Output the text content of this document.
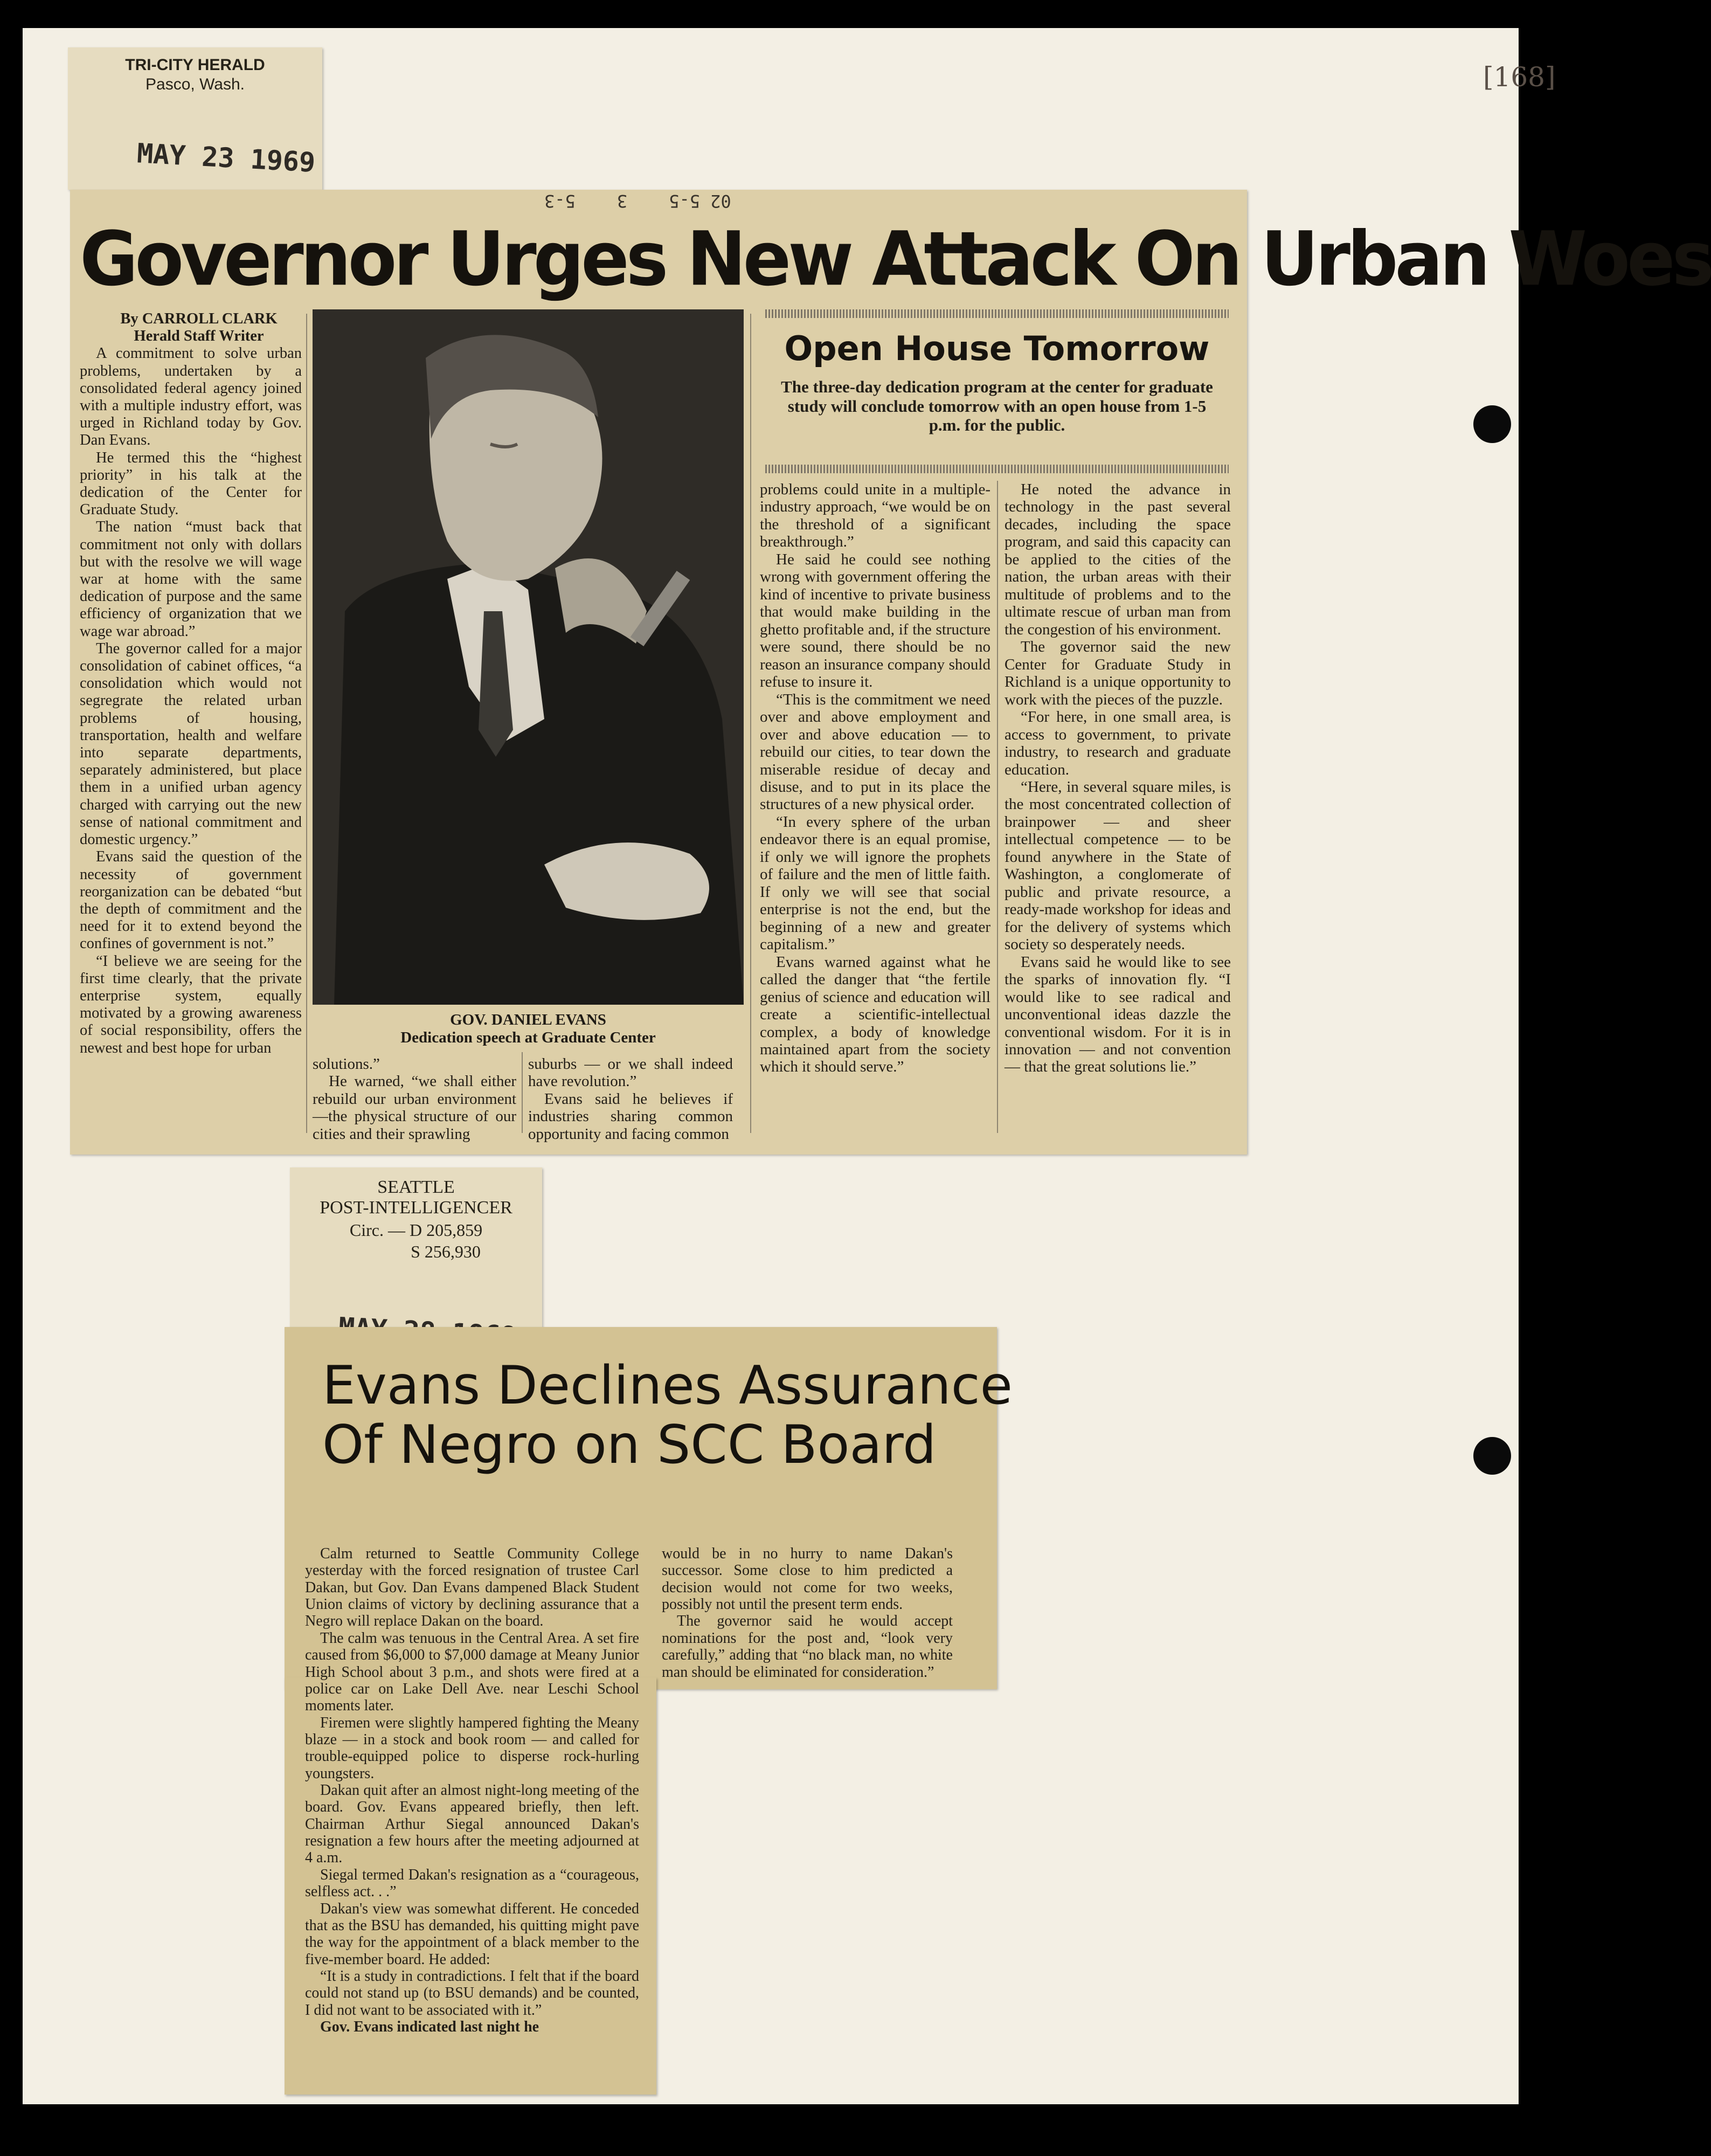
[168]
TRI-CITY HERALD
Pasco, Wash.
MAY 23 1969
02 5-5    3    5-3
Governor Urges New Attack On Urban Woes

By CARROLL CLARK

Herald Staff Writer

A commitment to solve urban problems, undertaken by a consolidated federal agency joined with a multiple industry effort, was urged in Richland today by Gov. Dan Evans.

He termed this the “highest priority” in his talk at the dedication of the Center for Graduate Study.

The nation “must back that commitment not only with dollars but with the resolve we will wage war at home with the same dedication of purpose and the same efficiency of organization that we wage war abroad.”

The governor called for a major consolidation of cabinet offices, “a consolidation which would not segregrate the related urban problems of housing, transportation, health and welfare into separate departments, separately administered, but place them in a unified urban agency charged with carrying out the new sense of national commitment and domestic urgency.”

Evans said the question of the necessity of government reorganization can be debated “but the depth of commitment and the need for it to extend beyond the confines of government is not.”

“I believe we are seeing for the first time clearly, that the private enterprise system, equally motivated by a growing awareness of social responsibility, offers the newest and best hope for urban

GOV. DANIEL EVANS
Dedication speech at Graduate Center

solutions.”

He warned, “we shall either rebuild our urban environment—the physical structure of our cities and their sprawling

suburbs — or we shall indeed have revolution.”

Evans said he believes if industries sharing common opportunity and facing common

Open House Tomorrow
The three-day dedication program at the center for graduate study will conclude tomorrow with an open house from 1-5 p.m. for the public.

problems could unite in a multiple-industry approach, “we would be on the threshold of a significant breakthrough.”

He said he could see nothing wrong with government offering the kind of incentive to private business that would make building in the ghetto profitable and, if the structure were sound, there should be no reason an insurance company should refuse to insure it.

“This is the commitment we need over and above employment and over and above education — to rebuild our cities, to tear down the miserable residue of decay and disuse, and to put in its place the structures of a new physical order.

“In every sphere of the urban endeavor there is an equal promise, if only we will ignore the prophets of failure and the men of little faith. If only we will see that social enterprise is not the end, but the beginning of a new and greater capitalism.”

Evans warned against what he called the danger that “the fertile genius of science and education will create a scientific-intellectual complex, a body of knowledge maintained apart from the society which it should serve.”

He noted the advance in technology in the past several decades, including the space program, and said this capacity can be applied to the cities of the nation, the urban areas with their multitude of problems and to the ultimate rescue of urban man from the congestion of his environment.

The governor said the new Center for Graduate Study in Richland is a unique opportunity to work with the pieces of the puzzle.

“For here, in one small area, is access to government, to private industry, to research and graduate education.

“Here, in several square miles, is the most concentrated collection of brainpower — and sheer intellectual competence — to be found anywhere in the State of Washington, a conglomerate of public and private resource, a ready-made workshop for ideas and for the delivery of systems which society so desperately needs.

Evans said he would like to see the sparks of innovation fly. “I would like to see radical and unconventional ideas dazzle the conventional wisdom. For it is in innovation — and not convention — that the great solutions lie.”

SEATTLE
POST-INTELLIGENCER
Circ. — D 205,859
S 256,930
Evans Declines Assurance
Of Negro on SCC Board

would be in no hurry to name Dakan's successor. Some close to him predicted a decision would not come for two weeks, possibly not until the present term ends.

The governor said he would accept nominations for the post and, “look very carefully,” adding that “no black man, no white man should be eliminated for consideration.”

Calm returned to Seattle Community College yesterday with the forced resignation of trustee Carl Dakan, but Gov. Dan Evans dampened Black Student Union claims of victory by declining assurance that a Negro will replace Dakan on the board.

The calm was tenuous in the Central Area. A set fire caused from $6,000 to $7,000 damage at Meany Junior High School about 3 p.m., and shots were fired at a police car on Lake Dell Ave. near Leschi School moments later.

Firemen were slightly hampered fighting the Meany blaze — in a stock and book room — and called for trouble-equipped police to disperse rock-hurling youngsters.

Dakan quit after an almost night-long meeting of the board. Gov. Evans appeared briefly, then left. Chairman Arthur Siegal announced Dakan's resignation a few hours after the meeting adjourned at 4 a.m.

Siegal termed Dakan's resignation as a “courageous, selfless act. . .”

Dakan's view was somewhat different. He conceded that as the BSU has demanded, his quitting might pave the way for the appointment of a black member to the five-member board. He added:

“It is a study in contradictions. I felt that if the board could not stand up (to BSU demands) and be counted, I did not want to be associated with it.”

Gov. Evans indicated last night he
